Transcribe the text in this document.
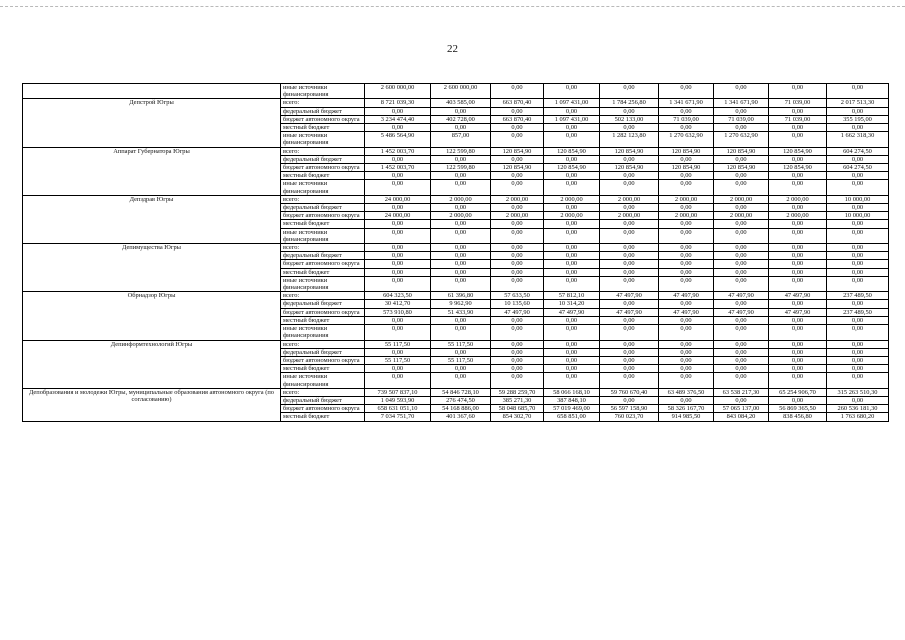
22
	иные источники финансирования	2 600 000,00	2 600 000,00	0,00	0,00	0,00	0,00	0,00	0,00	0,00
Депстрой Югры	всего:	8 721 039,30	403 585,00	663 870,40	1 097 431,00	1 784 256,80	1 341 671,90	1 341 671,90	71 039,00	2 017 513,30
	федеральный бюджет	0,00	0,00	0,00	0,00	0,00	0,00	0,00	0,00	0,00
	бюджет автономного округа	3 234 474,40	402 728,00	663 870,40	1 097 431,00	502 133,00	71 039,00	71 039,00	71 039,00	355 195,00
	местный бюджет	0,00	0,00	0,00	0,00	0,00	0,00	0,00	0,00	0,00
	иные источники финансирования	5 486 564,90	857,00	0,00	0,00	1 282 123,80	1 270 632,90	1 270 632,90	0,00	1 662 318,30
Аппарат Губернатора Югры	всего:	1 452 003,70	122 599,80	120 854,90	120 854,90	120 854,90	120 854,90	120 854,90	120 854,90	604 274,50
	федеральный бюджет	0,00	0,00	0,00	0,00	0,00	0,00	0,00	0,00	0,00
	бюджет автономного округа	1 452 003,70	122 599,80	120 854,90	120 854,90	120 854,90	120 854,90	120 854,90	120 854,90	604 274,50
	местный бюджет	0,00	0,00	0,00	0,00	0,00	0,00	0,00	0,00	0,00
	иные источники финансирования	0,00	0,00	0,00	0,00	0,00	0,00	0,00	0,00	0,00
Депздрав Югры	всего:	24 000,00	2 000,00	2 000,00	2 000,00	2 000,00	2 000,00	2 000,00	2 000,00	10 000,00
	федеральный бюджет	0,00	0,00	0,00	0,00	0,00	0,00	0,00	0,00	0,00
	бюджет автономного округа	24 000,00	2 000,00	2 000,00	2 000,00	2 000,00	2 000,00	2 000,00	2 000,00	10 000,00
	местный бюджет	0,00	0,00	0,00	0,00	0,00	0,00	0,00	0,00	0,00
	иные источники финансирования	0,00	0,00	0,00	0,00	0,00	0,00	0,00	0,00	0,00
Депимущества Югры	всего:	0,00	0,00	0,00	0,00	0,00	0,00	0,00	0,00	0,00
	федеральный бюджет	0,00	0,00	0,00	0,00	0,00	0,00	0,00	0,00	0,00
	бюджет автономного округа	0,00	0,00	0,00	0,00	0,00	0,00	0,00	0,00	0,00
	местный бюджет	0,00	0,00	0,00	0,00	0,00	0,00	0,00	0,00	0,00
	иные источники финансирования	0,00	0,00	0,00	0,00	0,00	0,00	0,00	0,00	0,00
Обрнадзор Югры	всего:	604 323,50	61 396,80	57 633,50	57 812,10	47 497,90	47 497,90	47 497,90	47 497,90	237 489,50
	федеральный бюджет	30 412,70	9 962,90	10 135,60	10 314,20	0,00	0,00	0,00	0,00	0,00
	бюджет автономного округа	573 910,80	51 433,90	47 497,90	47 497,90	47 497,90	47 497,90	47 497,90	47 497,90	237 489,50
	местный бюджет	0,00	0,00	0,00	0,00	0,00	0,00	0,00	0,00	0,00
	иные источники финансирования	0,00	0,00	0,00	0,00	0,00	0,00	0,00	0,00	0,00
Депинформтехнологий Югры	всего:	55 117,50	55 117,50	0,00	0,00	0,00	0,00	0,00	0,00	0,00
	федеральный бюджет	0,00	0,00	0,00	0,00	0,00	0,00	0,00	0,00	0,00
	бюджет автономного округа	55 117,50	55 117,50	0,00	0,00	0,00	0,00	0,00	0,00	0,00
	местный бюджет	0,00	0,00	0,00	0,00	0,00	0,00	0,00	0,00	0,00
	иные источники финансирования	0,00	0,00	0,00	0,00	0,00	0,00	0,00	0,00	0,00
Депобразования и молодежи Югры, муниципальные образования автономного округа (по согласованию)	всего:	739 507 837,10	54 846 728,10	59 288 259,70	58 066 168,10	59 760 670,40	63 489 376,50	63 538 217,30	65 254 906,70	315 263 510,30
	федеральный бюджет	1 049 593,90	276 474,50	385 271,30	387 848,10	0,00	0,00	0,00	0,00	0,00
	бюджет автономного округа	658 631 051,10	54 168 886,00	58 048 685,70	57 019 469,00	56 597 158,90	58 326 167,70	57 065 137,00	56 869 365,50	260 536 181,30
	местный бюджет	7 034 751,70	401 367,60	854 302,70	658 851,00	760 023,70	914 985,50	843 084,20	838 456,80	1 763 680,20
